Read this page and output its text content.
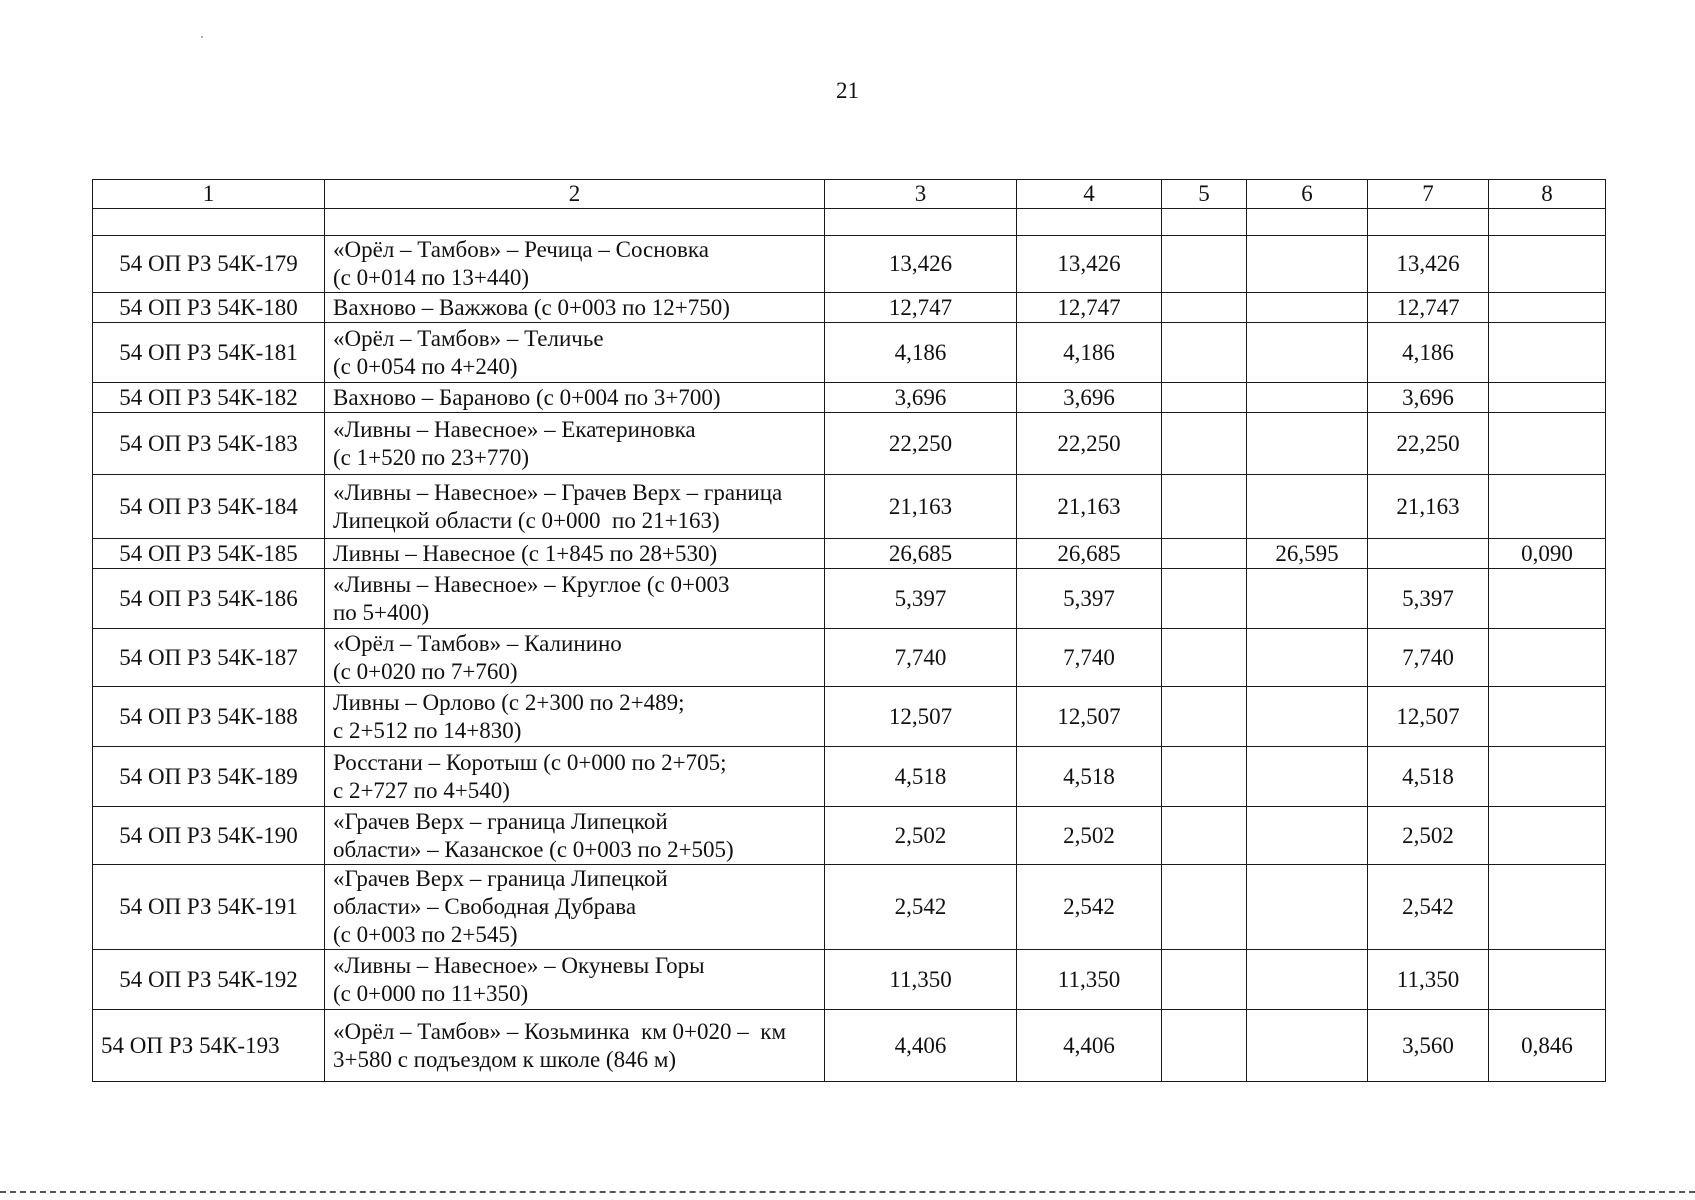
21
1	2	3	4	5	6	7	8

54 ОП РЗ 54К-179	«Орёл – Тамбов» – Речица – Сосновка
(с 0+014 по 13+440)	13,426	13,426			13,426	
54 ОП РЗ 54К-180	Вахново – Важжова (с 0+003 по 12+750)	12,747	12,747			12,747	
54 ОП РЗ 54К-181	«Орёл – Тамбов» – Теличье
(с 0+054 по 4+240)	4,186	4,186			4,186	
54 ОП РЗ 54К-182	Вахново – Бараново (с 0+004 по 3+700)	3,696	3,696			3,696	
54 ОП РЗ 54К-183	«Ливны – Навесное» – Екатериновка
(с 1+520 по 23+770)	22,250	22,250			22,250	
54 ОП РЗ 54К-184	«Ливны – Навесное» – Грачев Верх – граница
Липецкой области (с 0+000  по 21+163)	21,163	21,163			21,163	
54 ОП РЗ 54К-185	Ливны – Навесное (с 1+845 по 28+530)	26,685	26,685		26,595		0,090
54 ОП РЗ 54К-186	«Ливны – Навесное» – Круглое (с 0+003
по 5+400)	5,397	5,397			5,397	
54 ОП РЗ 54К-187	«Орёл – Тамбов» – Калинино
(с 0+020 по 7+760)	7,740	7,740			7,740	
54 ОП РЗ 54К-188	Ливны – Орлово (с 2+300 по 2+489;
с 2+512 по 14+830)	12,507	12,507			12,507	
54 ОП РЗ 54К-189	Росстани – Коротыш (с 0+000 по 2+705;
с 2+727 по 4+540)	4,518	4,518			4,518	
54 ОП РЗ 54К-190	«Грачев Верх – граница Липецкой
области» – Казанское (с 0+003 по 2+505)	2,502	2,502			2,502	
54 ОП РЗ 54К-191	«Грачев Верх – граница Липецкой
области» – Свободная Дубрава
(с 0+003 по 2+545)	2,542	2,542			2,542	
54 ОП РЗ 54К-192	«Ливны – Навесное» – Окуневы Горы
(с 0+000 по 11+350)	11,350	11,350			11,350	
54 ОП РЗ 54К-193	«Орёл – Тамбов» – Козьминка  км 0+020 –  км
3+580 с подъездом к школе (846 м)	4,406	4,406			3,560	0,846
